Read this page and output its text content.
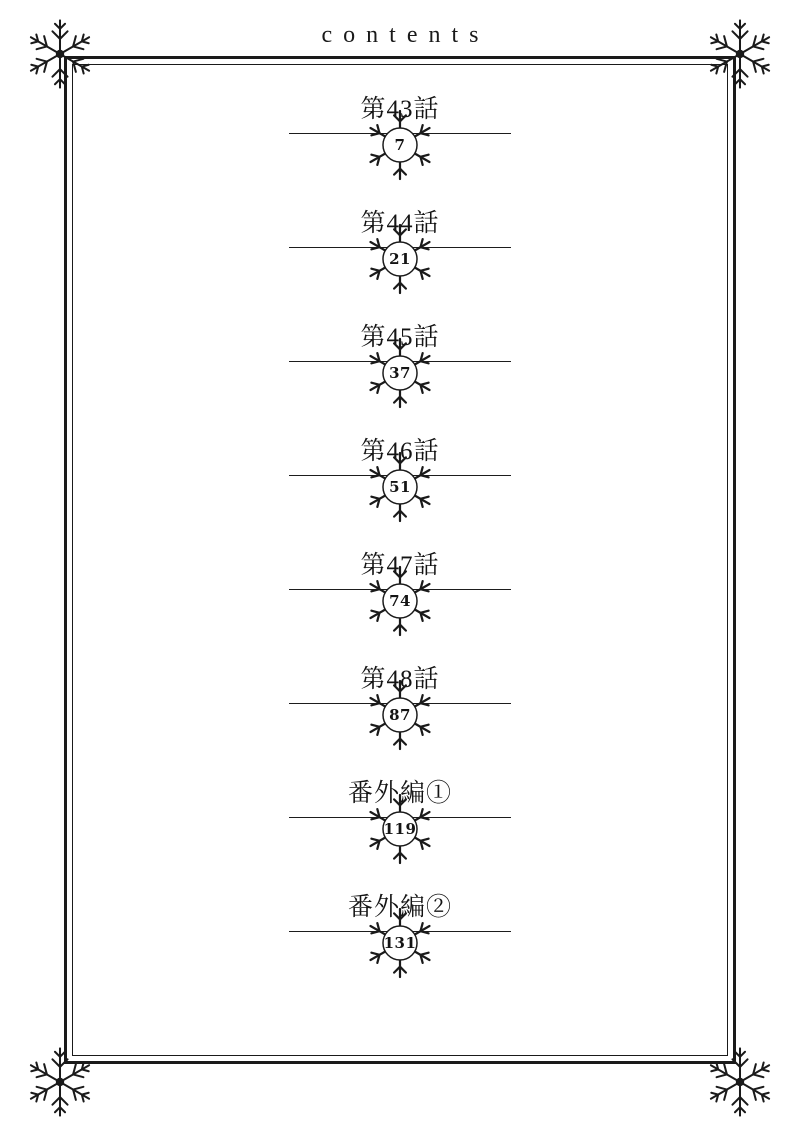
contents
第43話
7
第44話
21
第45話
37
第46話
51
第47話
74
第48話
87
番外編①
119
番外編②
131
